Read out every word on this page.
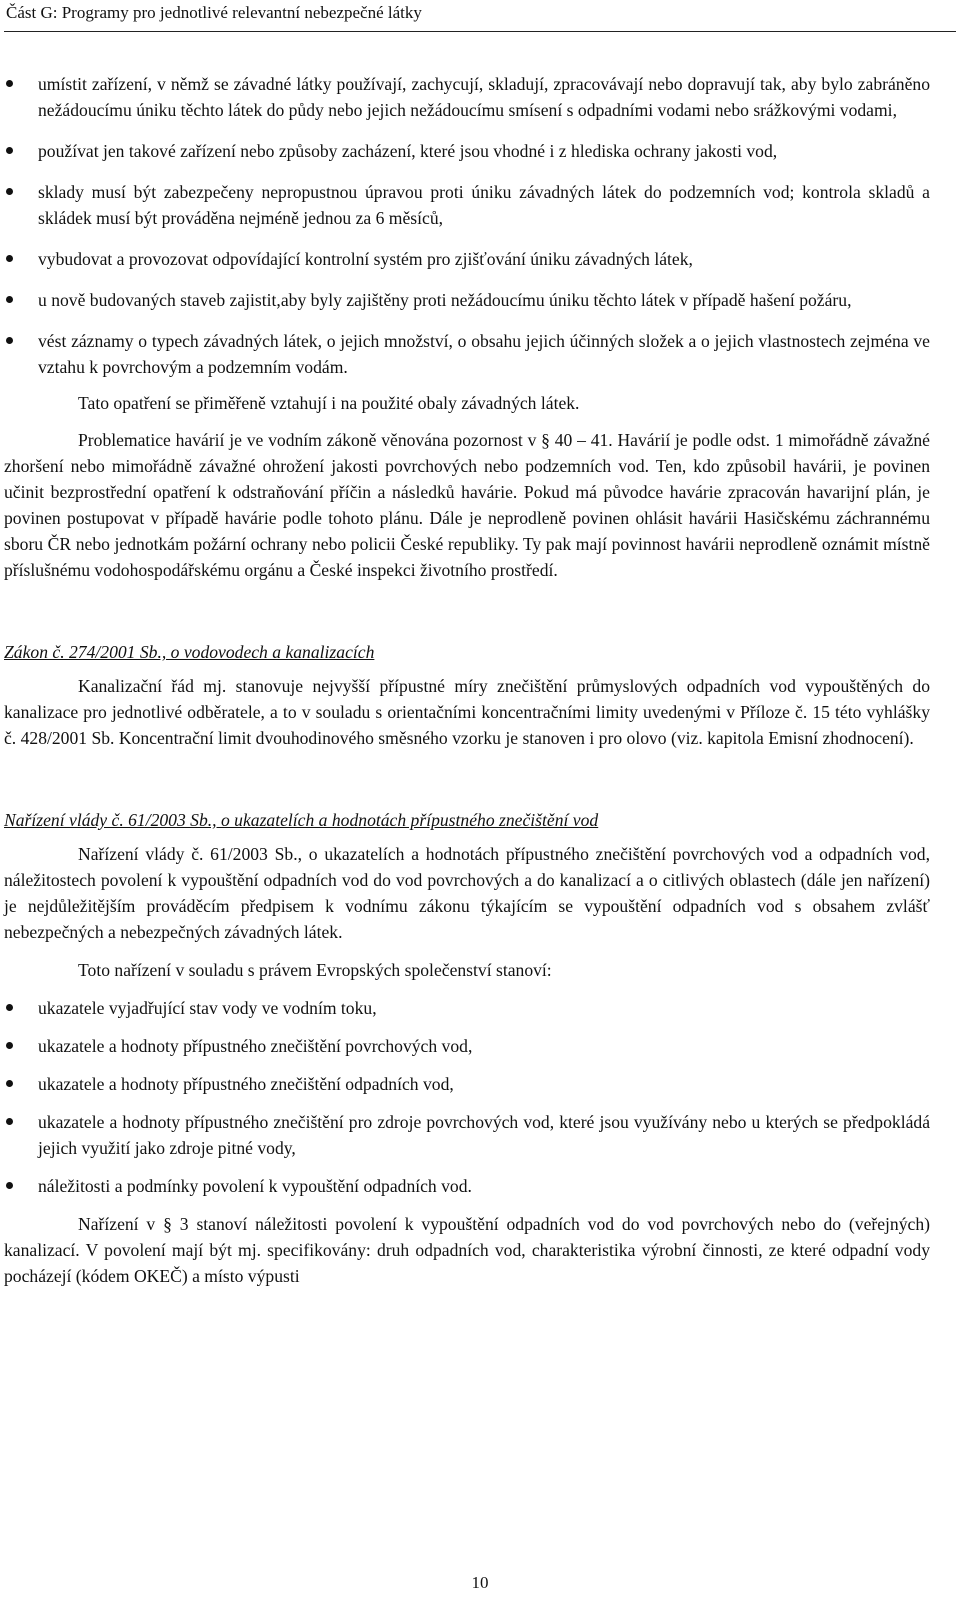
Část G: Programy pro jednotlivé relevantní nebezpečné látky
umístit zařízení, v němž se závadné látky používají, zachycují, skladují, zpracovávají nebo dopravují tak, aby bylo zabráněno nežádoucímu úniku těchto látek do půdy nebo jejich nežádoucímu smísení s odpadními vodami nebo srážkovými vodami,
používat jen takové zařízení nebo způsoby zacházení, které jsou vhodné i z hlediska ochrany jakosti vod,
sklady musí být zabezpečeny nepropustnou úpravou proti úniku závadných látek do podzemních vod; kontrola skladů a skládek musí být prováděna nejméně jednou za 6 měsíců,
vybudovat a provozovat odpovídající kontrolní systém pro zjišťování úniku závadných látek,
u nově budovaných staveb zajistit,aby byly zajištěny proti nežádoucímu úniku těchto látek v případě hašení požáru,
vést záznamy o typech závadných látek, o jejich množství, o obsahu jejich účinných složek a o jejich vlastnostech zejména ve vztahu k povrchovým a podzemním vodám.

Tato opatření se přiměřeně vztahují i na použité obaly závadných látek.

Problematice havárií je ve vodním zákoně věnována pozornost v § 40 – 41. Havárií je podle odst. 1 mimořádně závažné zhoršení nebo mimořádně závažné ohrožení jakosti povrchových nebo podzemních vod. Ten, kdo způsobil havárii, je povinen učinit bezprostřední opatření k odstraňování příčin a následků havárie. Pokud má původce havárie zpracován havarijní plán, je povinen postupovat v případě havárie podle tohoto plánu. Dále je neprodleně povinen ohlásit havárii Hasičskému záchrannému sboru ČR nebo jednotkám požární ochrany nebo policii České republiky. Ty pak mají povinnost havárii neprodleně oznámit místně příslušnému vodohospodářskému orgánu a České inspekci životního prostředí.

Zákon č. 274/2001 Sb., o vodovodech a kanalizacích

Kanalizační řád mj. stanovuje nejvyšší přípustné míry znečištění průmyslových odpadních vod vypouštěných do kanalizace pro jednotlivé odběratele, a to v souladu s orientačními koncentračními limity uvedenými v Příloze č. 15 této vyhlášky č. 428/2001 Sb. Koncentrační limit dvouhodinového směsného vzorku je stanoven i pro olovo (viz. kapitola Emisní zhodnocení).

Nařízení vlády č. 61/2003 Sb., o ukazatelích a hodnotách přípustného znečištění vod

Nařízení vlády č. 61/2003 Sb., o ukazatelích a hodnotách přípustného znečištění povrchových vod a odpadních vod, náležitostech povolení k vypouštění odpadních vod do vod povrchových a do kanalizací a o citlivých oblastech (dále jen nařízení) je nejdůležitějším prováděcím předpisem k vodnímu zákonu týkajícím se vypouštění odpadních vod s obsahem zvlášť nebezpečných a nebezpečných závadných látek.

Toto nařízení v souladu s právem Evropských společenství stanoví:

ukazatele vyjadřující stav vody ve vodním toku,
ukazatele a hodnoty přípustného znečištění povrchových vod,
ukazatele a hodnoty přípustného znečištění odpadních vod,
ukazatele a hodnoty přípustného znečištění pro zdroje povrchových vod, které jsou využívány nebo u kterých se předpokládá jejich využití jako zdroje pitné vody,
náležitosti a podmínky povolení k vypouštění odpadních vod.

Nařízení v § 3 stanoví náležitosti povolení k vypouštění odpadních vod do vod povrchových nebo do (veřejných) kanalizací. V povolení mají být mj. specifikovány: druh odpadních vod, charakteristika výrobní činnosti, ze které odpadní vody pocházejí (kódem OKEČ) a místo výpusti

10
